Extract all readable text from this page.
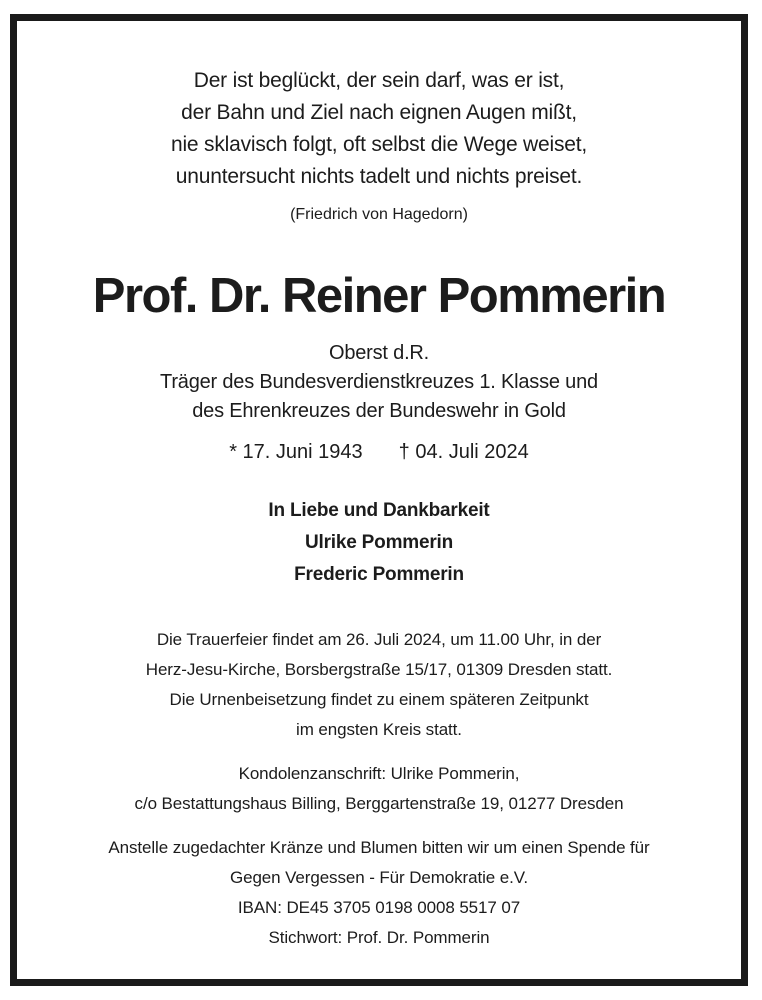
Der ist beglückt, der sein darf, was er ist,
der Bahn und Ziel nach eignen Augen mißt,
nie sklavisch folgt, oft selbst die Wege weiset,
ununtersucht nichts tadelt und nichts preiset.
(Friedrich von Hagedorn)
Prof. Dr. Reiner Pommerin
Oberst d.R.
Träger des Bundesverdienstkreuzes 1. Klasse und
des Ehrenkreuzes der Bundeswehr in Gold
* 17. Juni 1943 † 04. Juli 2024
In Liebe und Dankbarkeit
Ulrike Pommerin
Frederic Pommerin
Die Trauerfeier findet am 26. Juli 2024, um 11.00 Uhr, in der
Herz-Jesu-Kirche, Borsbergstraße 15/17, 01309 Dresden statt.
Die Urnenbeisetzung findet zu einem späteren Zeitpunkt
im engsten Kreis statt.
Kondolenzanschrift: Ulrike Pommerin,
c/o Bestattungshaus Billing, Berggartenstraße 19, 01277 Dresden
Anstelle zugedachter Kränze und Blumen bitten wir um einen Spende für
Gegen Vergessen - Für Demokratie e.V.
IBAN: DE45 3705 0198 0008 5517 07
Stichwort: Prof. Dr. Pommerin
